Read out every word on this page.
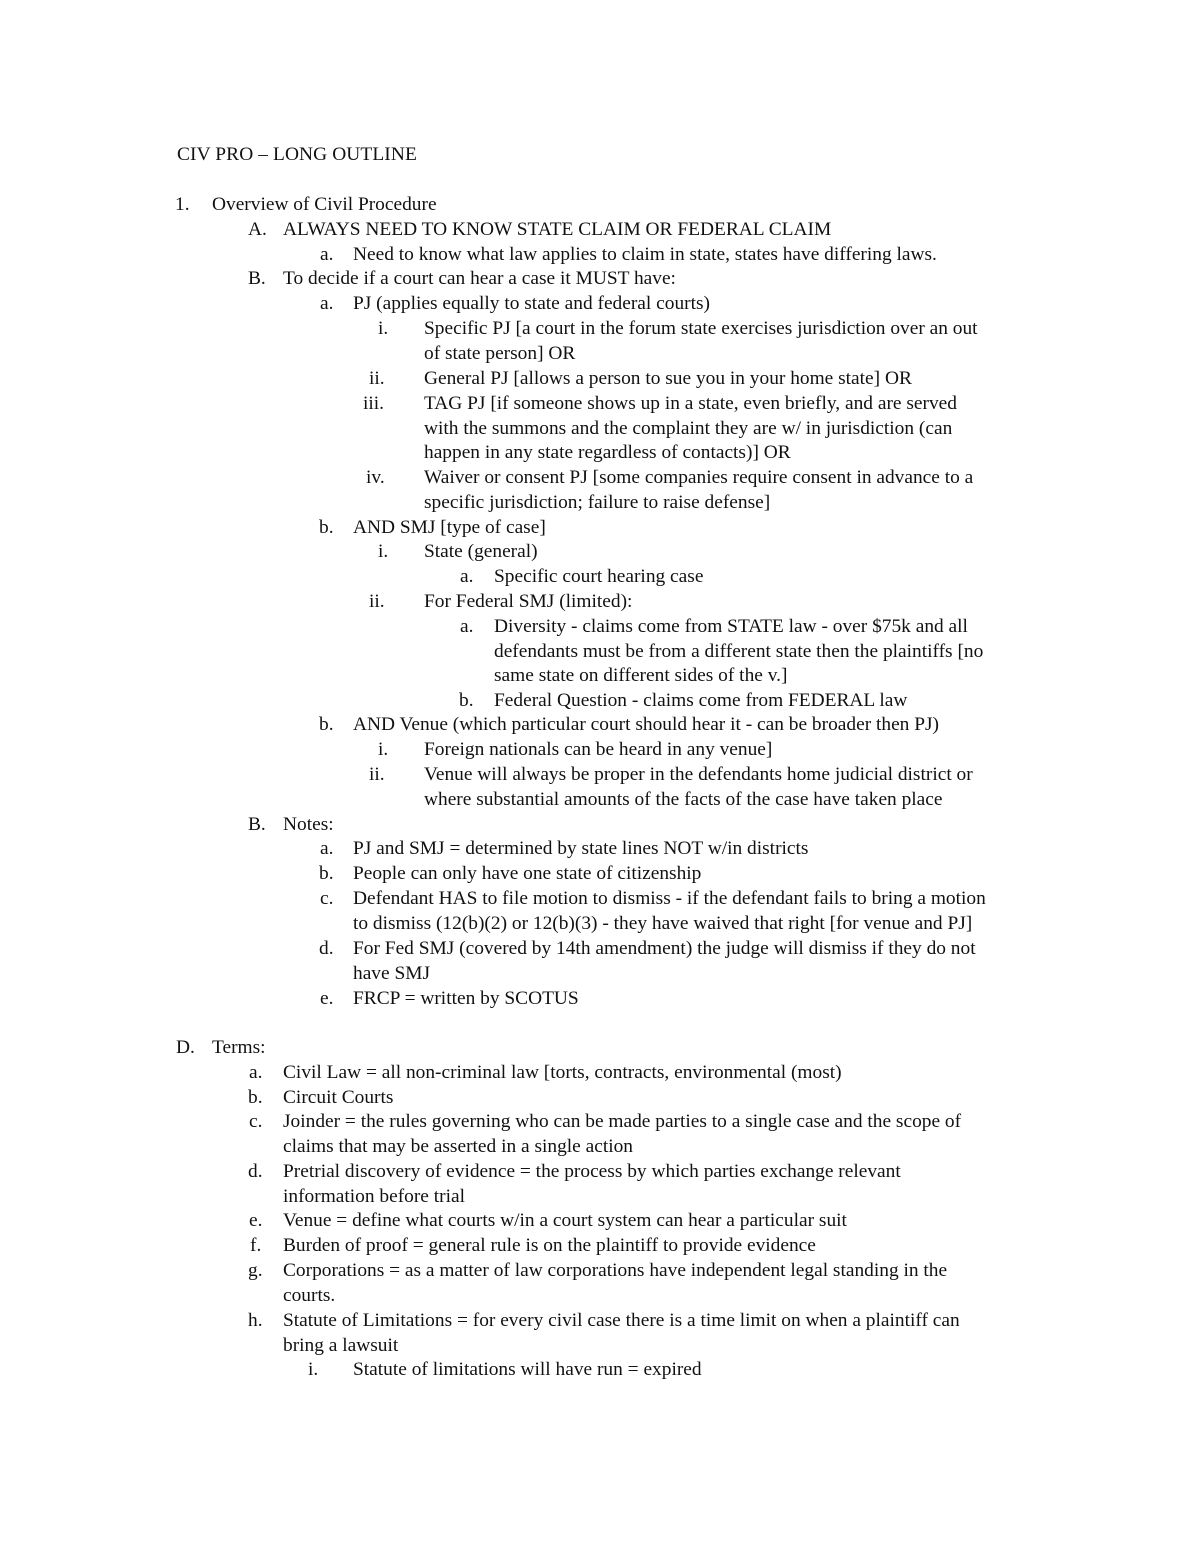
CIV PRO – LONG OUTLINE
1. Overview of Civil Procedure
A. ALWAYS NEED TO KNOW STATE CLAIM OR FEDERAL CLAIM
a. Need to know what law applies to claim in state, states have differing laws.
B. To decide if a court can hear a case it MUST have:
a. PJ (applies equally to state and federal courts)
i. Specific PJ [a court in the forum state exercises jurisdiction over an out
of state person] OR
ii. General PJ [allows a person to sue you in your home state] OR
iii. TAG PJ [if someone shows up in a state, even briefly, and are served
with the summons and the complaint they are w/ in jurisdiction (can
happen in any state regardless of contacts)] OR
iv. Waiver or consent PJ [some companies require consent in advance to a
specific jurisdiction; failure to raise defense]
b. AND SMJ [type of case]
i. State (general)
a. Specific court hearing case
ii. For Federal SMJ (limited):
a. Diversity - claims come from STATE law - over $75k and all
defendants must be from a different state then the plaintiffs [no
same state on different sides of the v.]
b. Federal Question - claims come from FEDERAL law
b. AND Venue (which particular court should hear it - can be broader then PJ)
i. Foreign nationals can be heard in any venue]
ii. Venue will always be proper in the defendants home judicial district or
where substantial amounts of the facts of the case have taken place
B. Notes:
a. PJ and SMJ = determined by state lines NOT w/in districts
b. People can only have one state of citizenship
c. Defendant HAS to file motion to dismiss - if the defendant fails to bring a motion
to dismiss (12(b)(2) or 12(b)(3) - they have waived that right [for venue and PJ]
d. For Fed SMJ (covered by 14th amendment) the judge will dismiss if they do not
have SMJ
e. FRCP = written by SCOTUS
D. Terms:
a. Civil Law = all non-criminal law [torts, contracts, environmental (most)
b. Circuit Courts
c. Joinder = the rules governing who can be made parties to a single case and the scope of
claims that may be asserted in a single action
d. Pretrial discovery of evidence = the process by which parties exchange relevant
information before trial
e. Venue = define what courts w/in a court system can hear a particular suit
f. Burden of proof = general rule is on the plaintiff to provide evidence
g. Corporations = as a matter of law corporations have independent legal standing in the
courts.
h. Statute of Limitations = for every civil case there is a time limit on when a plaintiff can
bring a lawsuit
i. Statute of limitations will have run = expired
